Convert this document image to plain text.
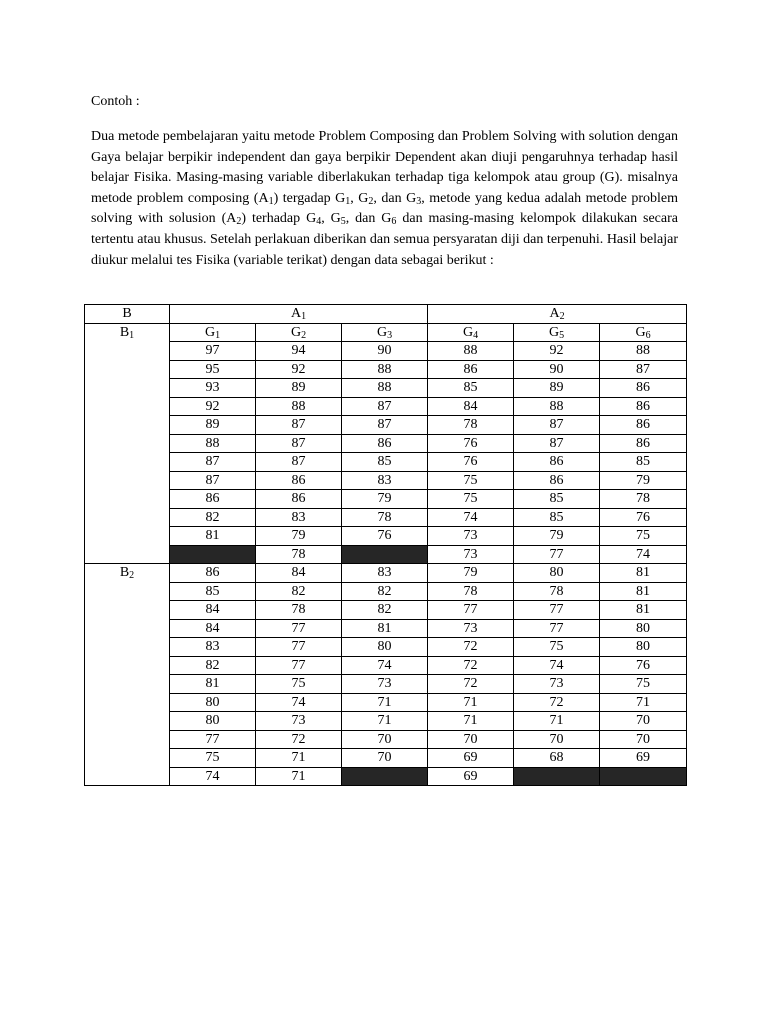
Contoh :

Dua metode pembelajaran yaitu metode Problem Composing dan Problem Solving with solution dengan Gaya belajar berpikir independent dan gaya berpikir Dependent akan diuji pengaruhnya terhadap hasil belajar Fisika. Masing-masing variable diberlakukan terhadap tiga kelompok atau group (G). misalnya metode problem composing $(A_1)$ tergadap $G_1$, $G_2$, dan $G_3$, metode yang kedua adalah metode problem solving with solusion $(A_2)$ terhadap $G_4$, $G_5$, dan $G_6$ dan masing-masing kelompok dilakukan secara tertentu atau khusus. Setelah perlakuan diberikan dan semua persyaratan diji dan terpenuhi. Hasil belajar diukur melalui tes Fisika (variable terikat) dengan data sebagai berikut :

B	$A_1$			$A_2$
$B_1$	$G_1$	$G_2$	$G_3$	$G_4$	$G_5$	$G_6$
	97	94	90	88	92	88
	95	92	88	86	90	87
	93	89	88	85	89	86
	92	88	87	84	88	86
	89	87	87	78	87	86
	88	87	86	76	87	86
	87	87	85	76	86	85
	87	86	83	75	86	79
	86	86	79	75	85	78
	82	83	78	74	85	76
	81	79	76	73	79	75
		78		73	77	74
$B_2$	86	84	83	79	80	81
	85	82	82	78	78	81
	84	78	82	77	77	81
	84	77	81	73	77	80
	83	77	80	72	75	80
	82	77	74	72	74	76
	81	75	73	72	73	75
	80	74	71	71	72	71
	80	73	71	71	71	70
	77	72	70	70	70	70
	75	71	70	69	68	69
	74	71		69		
